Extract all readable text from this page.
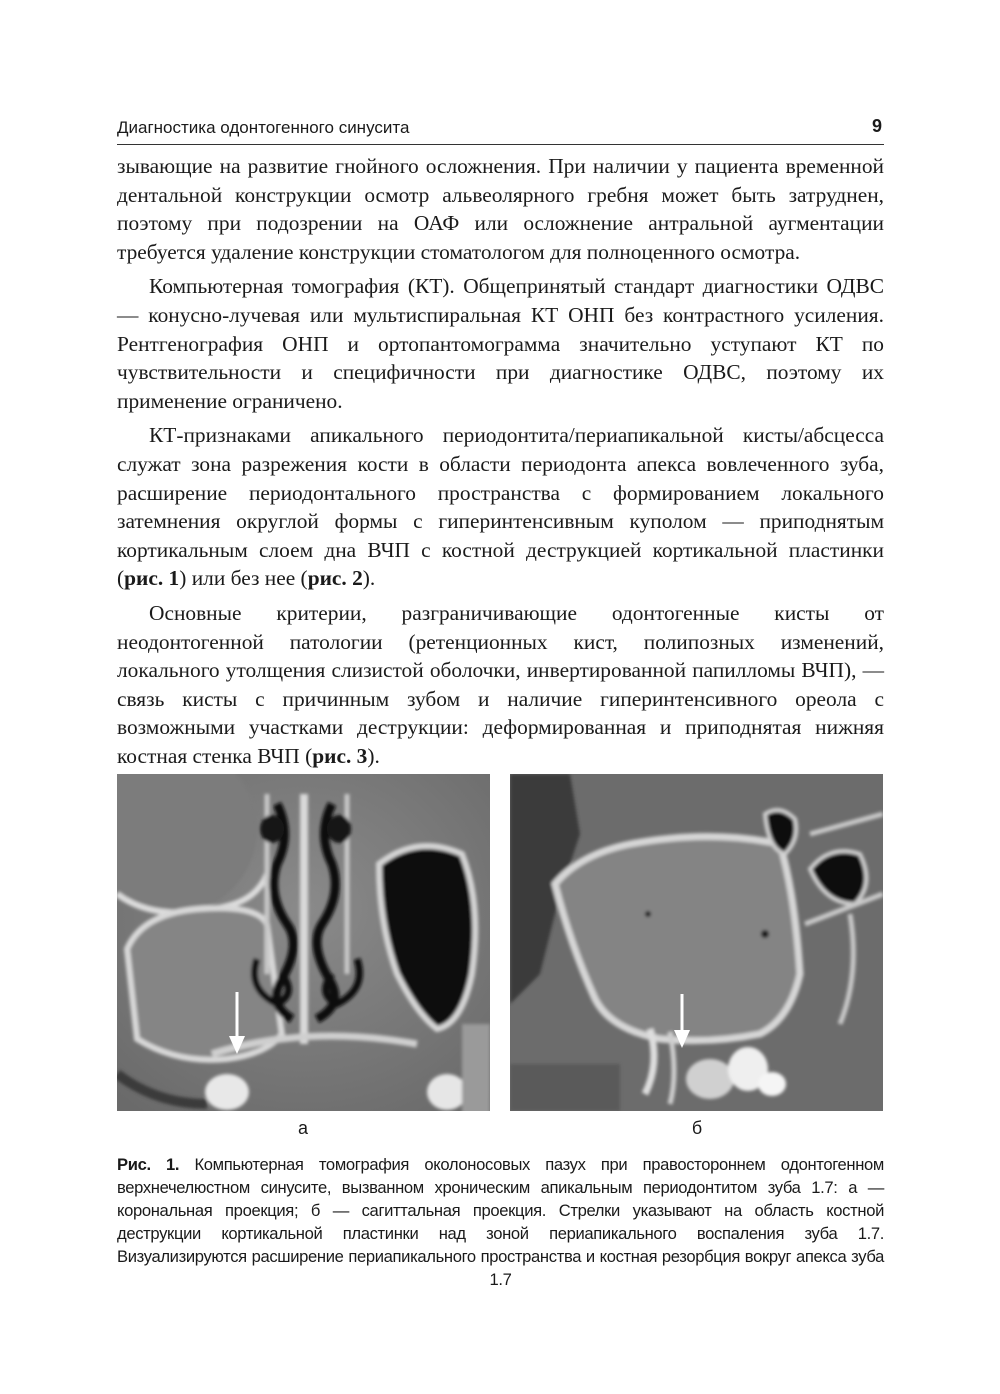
Диагностика одонтогенного синусита	9

зывающие на развитие гнойного осложнения. При наличии у пациента временной дентальной конструкции осмотр альвеолярного гребня может быть затруднен, поэтому при подозрении на ОАФ или осложнение антральной аугментации требуется удаление конструкции стоматологом для полноценного осмотра.

Компьютерная томография (КТ). Общепринятый стандарт диагностики ОДВС — конусно-лучевая или мультиспиральная КТ ОНП без контрастного усиления. Рентгенография ОНП и ортопантомограмма значительно уступают КТ по чувствительности и специфичности при диагностике ОДВС, поэтому их применение ограничено.

КТ-признаками апикального периодонтита/периапикальной кисты/абсцесса служат зона разрежения кости в области периодонта апекса вовлеченного зуба, расширение периодонтального пространства с формированием локального затемнения округлой формы с гиперинтенсивным куполом — приподнятым кортикальным слоем дна ВЧП с костной деструкцией кортикальной пластинки (рис. 1) или без нее (рис. 2).

Основные критерии, разграничивающие одонтогенные кисты от неодонтогенной патологии (ретенционных кист, полипозных изменений, локального утолщения слизистой оболочки, инвертированной папилломы ВЧП), — связь кисты с причинным зубом и наличие гиперинтенсивного ореола с возможными участками деструкции: деформированная и приподнятая нижняя костная стенка ВЧП (рис. 3).

а	б
Рис. 1. Компьютерная томография околоносовых пазух при правостороннем одонтогенном верхнечелюстном синусите, вызванном хроническим апикальным периодонтитом зуба 1.7: а — корональная проекция; б — сагиттальная проекция. Стрелки указывают на область костной деструкции кортикальной пластинки над зоной периапикального воспаления зуба 1.7. Визуализируются расширение периапикального пространства и костная резорбция вокруг апекса зуба 1.7
